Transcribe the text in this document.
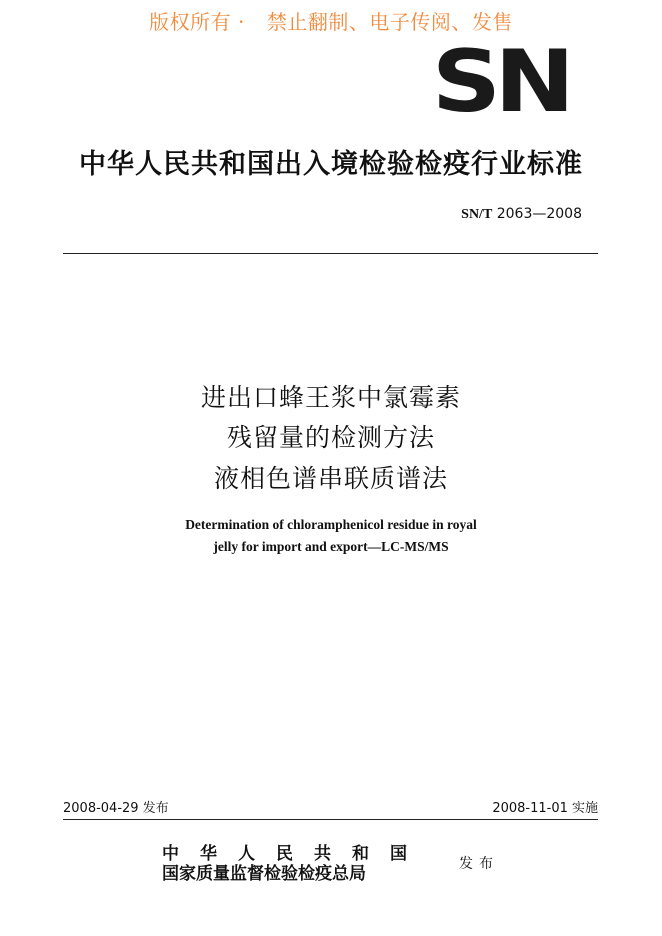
版权所有 · 禁止翻制、电子传阅、发售
SN
中华人民共和国出入境检验检疫行业标准
SN/T 2063—2008
进出口蜂王浆中氯霉素
残留量的检测方法
液相色谱串联质谱法
Determination of chloramphenicol residue in royal
jelly for import and export—LC-MS/MS
2008-04-29 发布	2008-11-01 实施
中华人民共和国
国家质量监督检验检疫总局	发布
